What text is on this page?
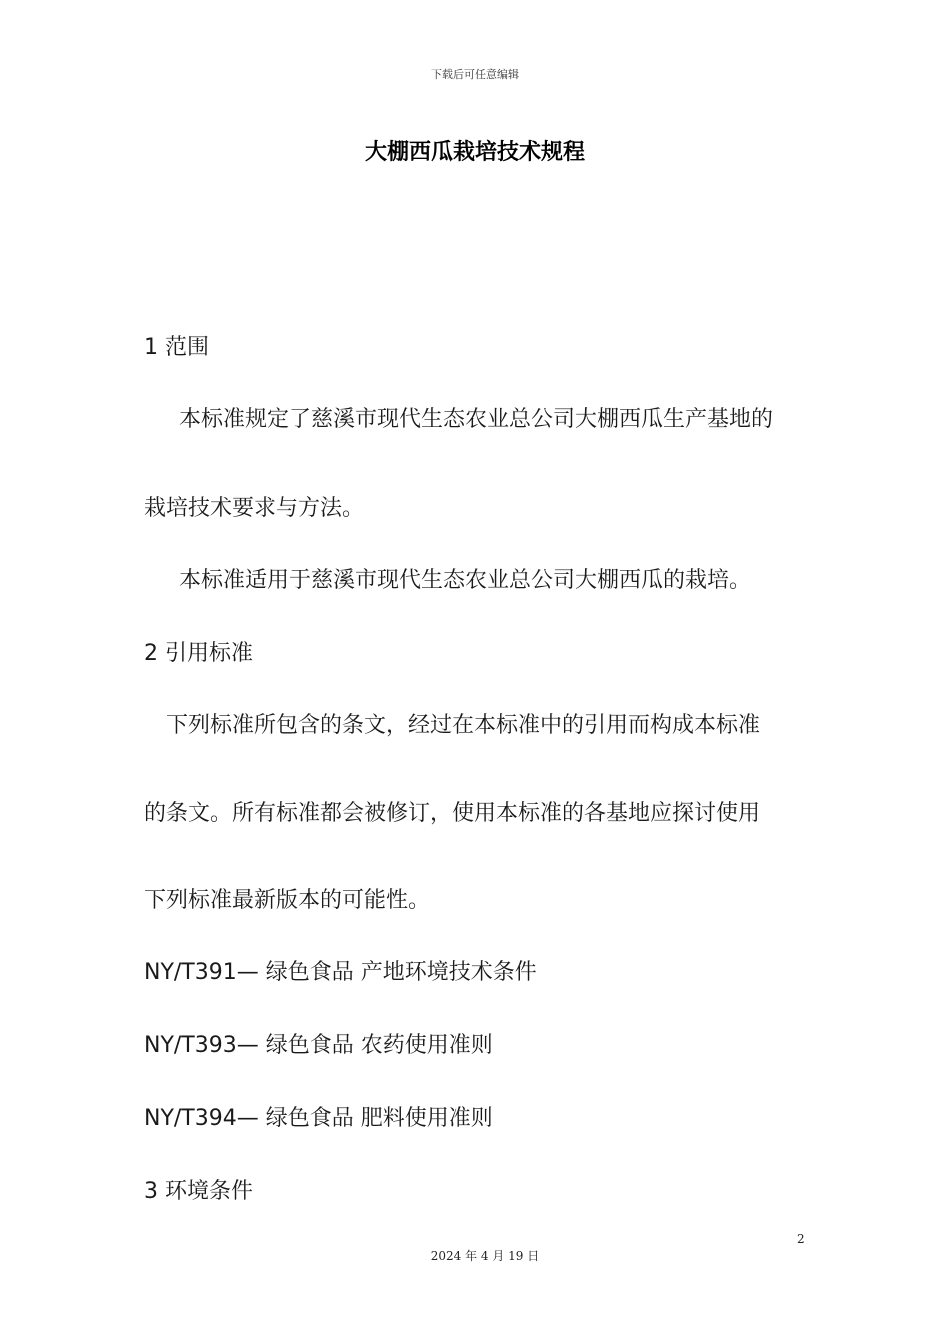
下载后可任意编辑
大棚西瓜栽培技术规程
1 范围
本标准规定了慈溪市现代生态农业总公司大棚西瓜生产基地的
栽培技术要求与方法。
本标准适用于慈溪市现代生态农业总公司大棚西瓜的栽培。
2 引用标准
下列标准所包含的条文，经过在本标准中的引用而构成本标准
的条文。所有标准都会被修订，使用本标准的各基地应探讨使用
下列标准最新版本的可能性。
NY/T391— 绿色食品 产地环境技术条件
NY/T393— 绿色食品 农药使用准则
NY/T394— 绿色食品 肥料使用准则
3 环境条件
2
2024 年 4 月 19 日
